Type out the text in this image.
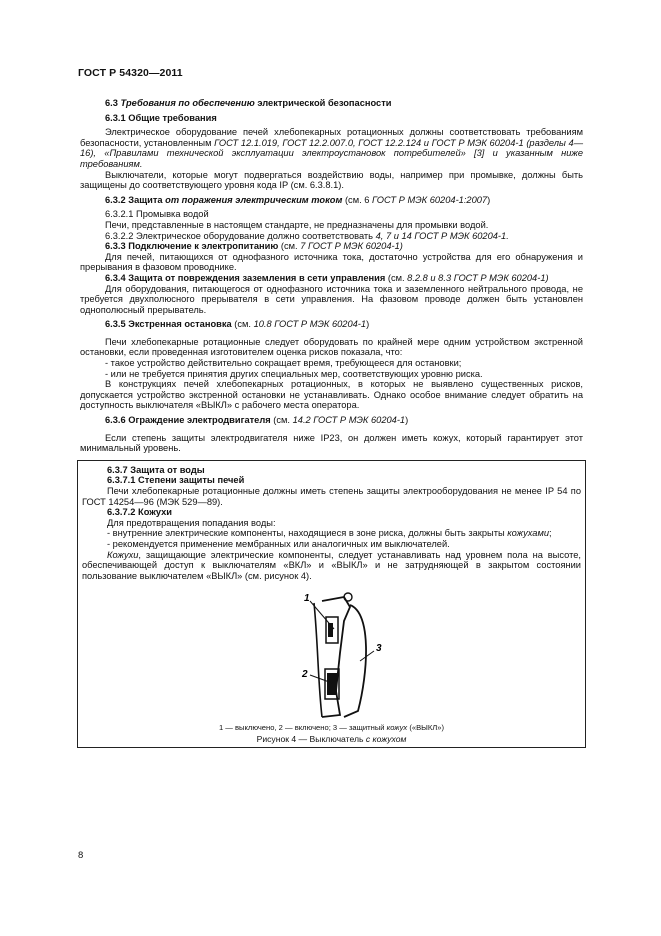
ГОСТ Р 54320—2011

6.3 Требования по обеспечению электрической безопасности

6.3.1 Общие требования

Электрическое оборудование печей хлебопекарных ротационных должны соответствовать требованиям безопасности, установленным ГОСТ 12.1.019, ГОСТ 12.2.007.0, ГОСТ 12.2.124 и ГОСТ Р МЭК 60204-1 (разделы 4—16), «Правилами технической эксплуатации электроустановок потребителей» [3] и указанным ниже требованиям.

Выключатели, которые могут подвергаться воздействию воды, например при промывке, должны быть защищены до соответствующего уровня кода IP (см. 6.3.8.1).

6.3.2 Защита от поражения электрическим током (см. 6 ГОСТ Р МЭК 60204-1:2007)

6.3.2.1 Промывка водой

Печи, представленные в настоящем стандарте, не предназначены для промывки водой.

6.3.2.2 Электрическое оборудование должно соответствовать 4, 7 и 14 ГОСТ Р МЭК 60204-1.

6.3.3 Подключение к электропитанию (см. 7 ГОСТ Р МЭК 60204-1)

Для печей, питающихся от однофазного источника тока, достаточно устройства для его обнаружения и прерывания в фазовом проводнике.

6.3.4 Защита от повреждения заземления в сети управления (см. 8.2.8 и 8.3 ГОСТ Р МЭК 60204-1)

Для оборудования, питающегося от однофазного источника тока и заземленного нейтрального провода, не требуется двухполюсного прерывателя в сети управления. На фазовом проводе должен быть установлен однополюсный прерыватель.

6.3.5 Экстренная остановка (см. 10.8 ГОСТ Р МЭК 60204-1)

Печи хлебопекарные ротационные следует оборудовать по крайней мере одним устройством экстренной остановки, если проведенная изготовителем оценка рисков показала, что:

- такое устройство действительно сокращает время, требующееся для остановки;

- или не требуется принятия других специальных мер, соответствующих уровню риска.

В конструкциях печей хлебопекарных ротационных, в которых не выявлено существенных рисков, допускается устройство экстренной остановки не устанавливать. Однако особое внимание следует обратить на доступность выключателя «ВЫКЛ» с рабочего места оператора.

6.3.6 Ограждение электродвигателя (см. 14.2 ГОСТ Р МЭК 60204-1)

Если степень защиты электродвигателя ниже IP23, он должен иметь кожух, который гарантирует этот минимальный уровень.

6.3.7 Защита от воды

6.3.7.1 Степени защиты печей

Печи хлебопекарные ротационные должны иметь степень защиты электрооборудования не менее IP 54 по ГОСТ 14254—96 (МЭК 529—89).

6.3.7.2 Кожухи

Для предотвращения попадания воды:

- внутренние электрические компоненты, находящиеся в зоне риска, должны быть закрыты кожухами;

- рекомендуется применение мембранных или аналогичных им выключателей.

Кожухи, защищающие электрические компоненты, следует устанавливать над уровнем пола на высоте, обеспечивающей доступ к выключателям «ВКЛ» и «ВЫКЛ» и не затрудняющей в закрытом состоянии пользование выключателем «ВЫКЛ» (см. рисунок 4).

1
2
3

1 — выключено, 2 — включено; 3 — защитный кожух («ВЫКЛ»)

Рисунок 4 — Выключатель с кожухом

8
